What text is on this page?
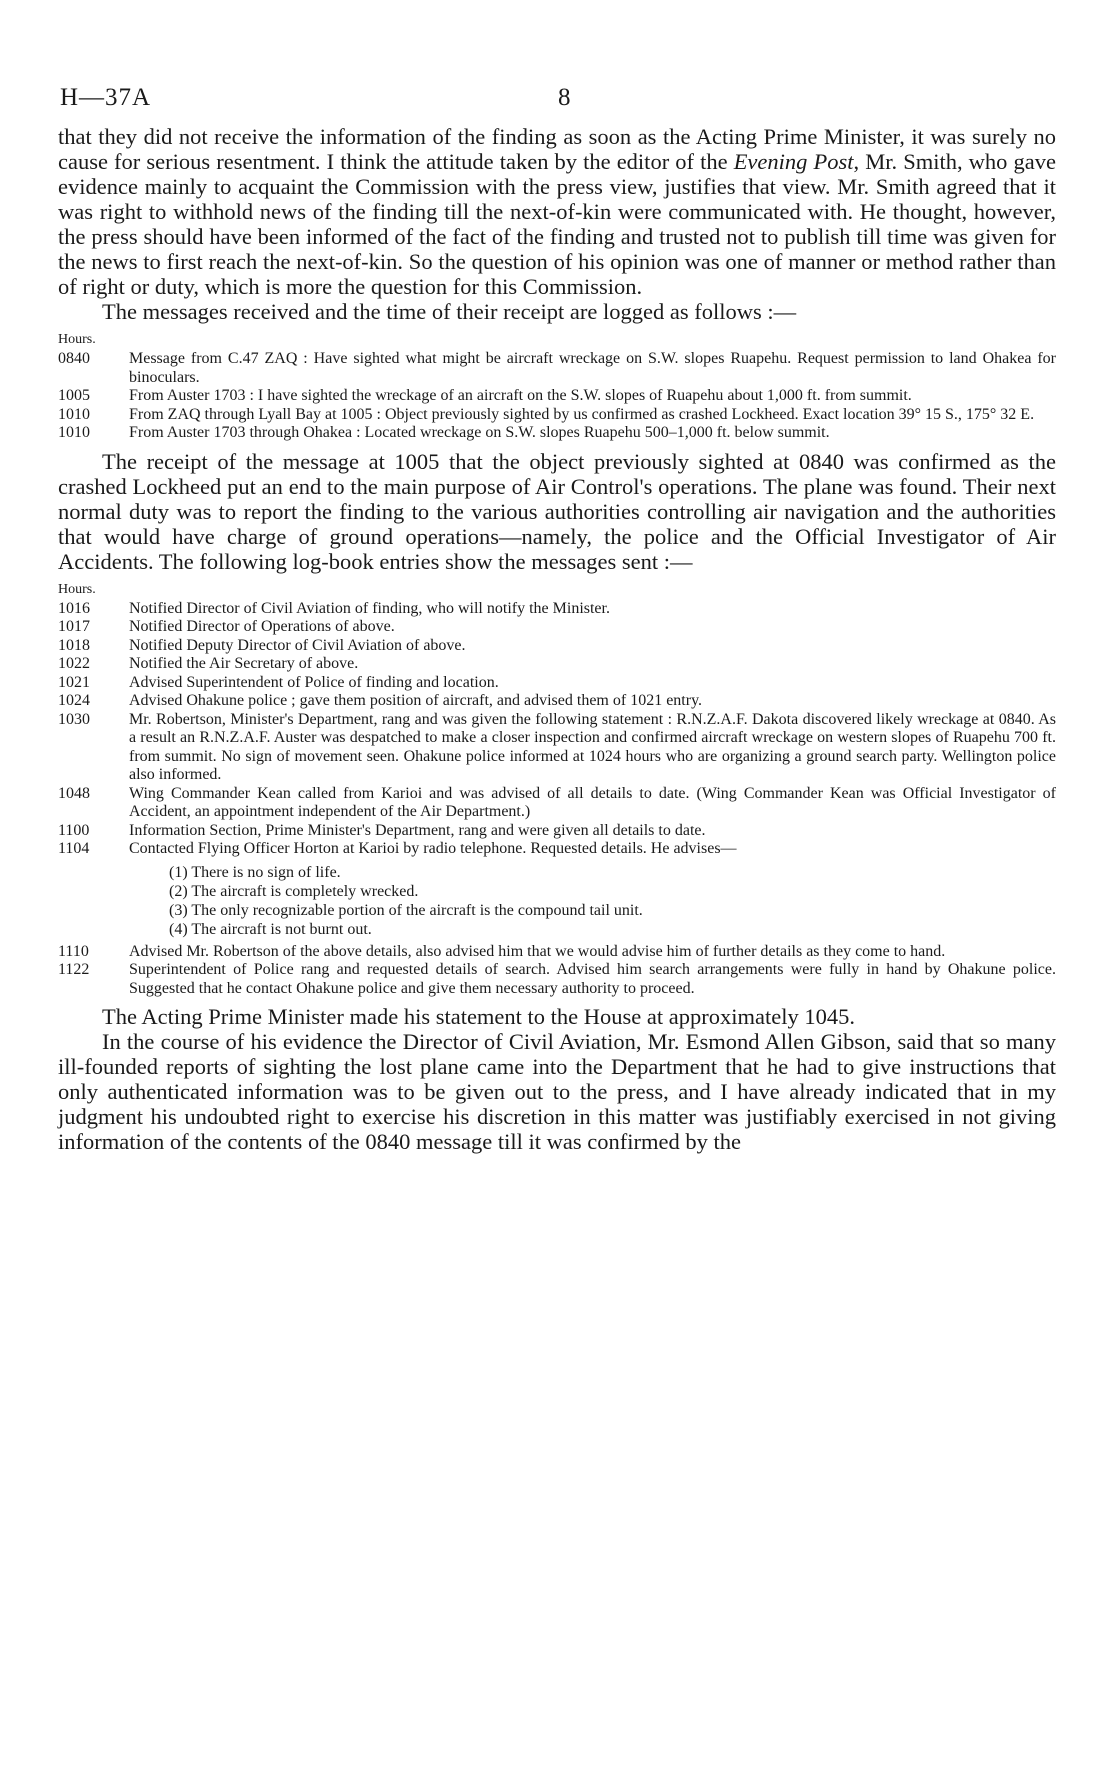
H—37A	8

that they did not receive the information of the finding as soon as the Acting Prime Minister, it was surely no cause for serious resentment. I think the attitude taken by the editor of the Evening Post, Mr. Smith, who gave evidence mainly to acquaint the Commission with the press view, justifies that view. Mr. Smith agreed that it was right to withhold news of the finding till the next-of-kin were communicated with. He thought, however, the press should have been informed of the fact of the finding and trusted not to publish till time was given for the news to first reach the next-of-kin. So the question of his opinion was one of manner or method rather than of right or duty, which is more the question for this Commission.

The messages received and the time of their receipt are logged as follows :—

Hours.
0840	Message from C.47 ZAQ : Have sighted what might be aircraft wreckage on S.W. slopes Ruapehu. Request permission to land Ohakea for binoculars.
1005	From Auster 1703 : I have sighted the wreckage of an aircraft on the S.W. slopes of Ruapehu about 1,000 ft. from summit.
1010	From ZAQ through Lyall Bay at 1005 : Object previously sighted by us confirmed as crashed Lockheed. Exact location 39° 15 S., 175° 32 E.
1010	From Auster 1703 through Ohakea : Located wreckage on S.W. slopes Ruapehu 500–1,000 ft. below summit.

The receipt of the message at 1005 that the object previously sighted at 0840 was confirmed as the crashed Lockheed put an end to the main purpose of Air Control's operations. The plane was found. Their next normal duty was to report the finding to the various authorities controlling air navigation and the authorities that would have charge of ground operations—namely, the police and the Official Investigator of Air Accidents. The following log-book entries show the messages sent :—

Hours.
1016	Notified Director of Civil Aviation of finding, who will notify the Minister.
1017	Notified Director of Operations of above.
1018	Notified Deputy Director of Civil Aviation of above.
1022	Notified the Air Secretary of above.
1021	Advised Superintendent of Police of finding and location.
1024	Advised Ohakune police ; gave them position of aircraft, and advised them of 1021 entry.
1030	Mr. Robertson, Minister's Department, rang and was given the following statement : R.N.Z.A.F. Dakota discovered likely wreckage at 0840. As a result an R.N.Z.A.F. Auster was despatched to make a closer inspection and confirmed aircraft wreckage on western slopes of Ruapehu 700 ft. from summit. No sign of movement seen. Ohakune police informed at 1024 hours who are organizing a ground search party. Wellington police also informed.
1048	Wing Commander Kean called from Karioi and was advised of all details to date. (Wing Commander Kean was Official Investigator of Accident, an appointment independent of the Air Department.)
1100	Information Section, Prime Minister's Department, rang and were given all details to date.
1104	Contacted Flying Officer Horton at Karioi by radio telephone. Requested details. He advises—
(1) There is no sign of life.
(2) The aircraft is completely wrecked.
(3) The only recognizable portion of the aircraft is the compound tail unit.
(4) The aircraft is not burnt out.
1110	Advised Mr. Robertson of the above details, also advised him that we would advise him of further details as they come to hand.
1122	Superintendent of Police rang and requested details of search. Advised him search arrangements were fully in hand by Ohakune police. Suggested that he contact Ohakune police and give them necessary authority to proceed.

The Acting Prime Minister made his statement to the House at approximately 1045.

In the course of his evidence the Director of Civil Aviation, Mr. Esmond Allen Gibson, said that so many ill-founded reports of sighting the lost plane came into the Department that he had to give instructions that only authenticated information was to be given out to the press, and I have already indicated that in my judgment his undoubted right to exercise his discretion in this matter was justifiably exercised in not giving information of the contents of the 0840 message till it was confirmed by the
